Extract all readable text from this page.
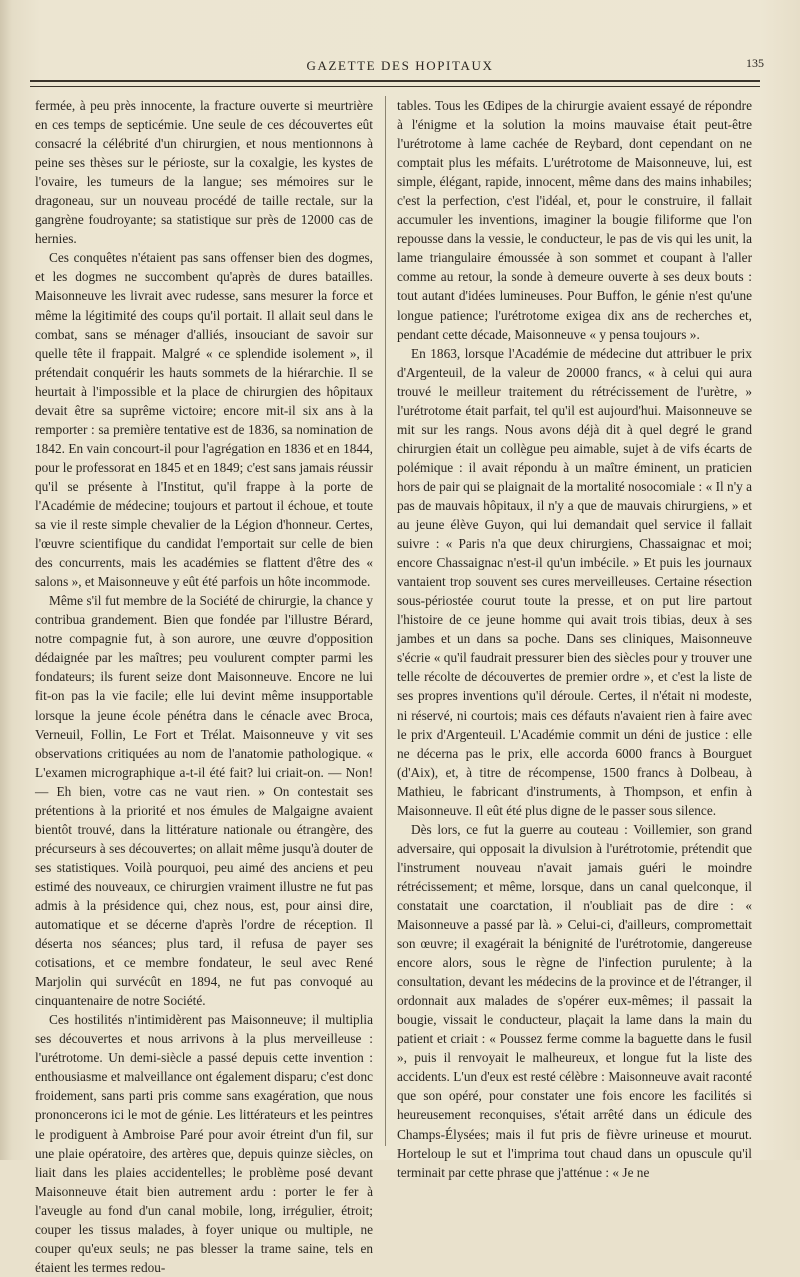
GAZETTE DES HOPITAUX	135

fermée, à peu près innocente, la fracture ouverte si meurtrière en ces temps de septicémie. Une seule de ces découvertes eût consacré la célébrité d'un chirurgien, et nous mentionnons à peine ses thèses sur le périoste, sur la coxalgie, les kystes de l'ovaire, les tumeurs de la langue; ses mémoires sur le dragoneau, sur un nouveau procédé de taille rectale, sur la gangrène foudroyante; sa statistique sur près de 12000 cas de hernies.

Ces conquêtes n'étaient pas sans offenser bien des dogmes, et les dogmes ne succombent qu'après de dures batailles. Maisonneuve les livrait avec rudesse, sans mesurer la force et même la légitimité des coups qu'il portait. Il allait seul dans le combat, sans se ménager d'alliés, insouciant de savoir sur quelle tête il frappait. Malgré « ce splendide isolement », il prétendait conquérir les hauts sommets de la hiérarchie. Il se heurtait à l'impossible et la place de chirurgien des hôpitaux devait être sa suprême victoire; encore mit-il six ans à la remporter : sa première tentative est de 1836, sa nomination de 1842. En vain concourt-il pour l'agrégation en 1836 et en 1844, pour le professorat en 1845 et en 1849; c'est sans jamais réussir qu'il se présente à l'Institut, qu'il frappe à la porte de l'Académie de médecine; toujours et partout il échoue, et toute sa vie il reste simple chevalier de la Légion d'honneur. Certes, l'œuvre scientifique du candidat l'emportait sur celle de bien des concurrents, mais les académies se flattent d'être des « salons », et Maisonneuve y eût été parfois un hôte incommode.

Même s'il fut membre de la Société de chirurgie, la chance y contribua grandement. Bien que fondée par l'illustre Bérard, notre compagnie fut, à son aurore, une œuvre d'opposition dédaignée par les maîtres; peu voulurent compter parmi les fondateurs; ils furent seize dont Maisonneuve. Encore ne lui fit-on pas la vie facile; elle lui devint même insupportable lorsque la jeune école pénétra dans le cénacle avec Broca, Verneuil, Follin, Le Fort et Trélat. Maisonneuve y vit ses observations critiquées au nom de l'anatomie pathologique. « L'examen micrographique a-t-il été fait? lui criait-on. — Non! — Eh bien, votre cas ne vaut rien. » On contestait ses prétentions à la priorité et nos émules de Malgaigne avaient bientôt trouvé, dans la littérature nationale ou étrangère, des précurseurs à ses découvertes; on allait même jusqu'à douter de ses statistiques. Voilà pourquoi, peu aimé des anciens et peu estimé des nouveaux, ce chirurgien vraiment illustre ne fut pas admis à la présidence qui, chez nous, est, pour ainsi dire, automatique et se décerne d'après l'ordre de réception. Il déserta nos séances; plus tard, il refusa de payer ses cotisations, et ce membre fondateur, le seul avec René Marjolin qui survécût en 1894, ne fut pas convoqué au cinquantenaire de notre Société.

Ces hostilités n'intimidèrent pas Maisonneuve; il multiplia ses découvertes et nous arrivons à la plus merveilleuse : l'urétrotome. Un demi-siècle a passé depuis cette invention : enthousiasme et malveillance ont également disparu; c'est donc froidement, sans parti pris comme sans exagération, que nous prononcerons ici le mot de génie. Les littérateurs et les peintres le prodiguent à Ambroise Paré pour avoir étreint d'un fil, sur une plaie opératoire, des artères que, depuis quinze siècles, on liait dans les plaies accidentelles; le problème posé devant Maisonneuve était bien autrement ardu : porter le fer à l'aveugle au fond d'un canal mobile, long, irrégulier, étroit; couper les tissus malades, à foyer unique ou multiple, ne couper qu'eux seuls; ne pas blesser la trame saine, tels en étaient les termes redou-

tables. Tous les Œdipes de la chirurgie avaient essayé de répondre à l'énigme et la solution la moins mauvaise était peut-être l'urétrotome à lame cachée de Reybard, dont cependant on ne comptait plus les méfaits. L'urétrotome de Maisonneuve, lui, est simple, élégant, rapide, innocent, même dans des mains inhabiles; c'est la perfection, c'est l'idéal, et, pour le construire, il fallait accumuler les inventions, imaginer la bougie filiforme que l'on repousse dans la vessie, le conducteur, le pas de vis qui les unit, la lame triangulaire émoussée à son sommet et coupant à l'aller comme au retour, la sonde à demeure ouverte à ses deux bouts : tout autant d'idées lumineuses. Pour Buffon, le génie n'est qu'une longue patience; l'urétrotome exigea dix ans de recherches et, pendant cette décade, Maisonneuve « y pensa toujours ».

En 1863, lorsque l'Académie de médecine dut attribuer le prix d'Argenteuil, de la valeur de 20000 francs, « à celui qui aura trouvé le meilleur traitement du rétrécissement de l'urètre, » l'urétrotome était parfait, tel qu'il est aujourd'hui. Maisonneuve se mit sur les rangs. Nous avons déjà dit à quel degré le grand chirurgien était un collègue peu aimable, sujet à de vifs écarts de polémique : il avait répondu à un maître éminent, un praticien hors de pair qui se plaignait de la mortalité nosocomiale : « Il n'y a pas de mauvais hôpitaux, il n'y a que de mauvais chirurgiens, » et au jeune élève Guyon, qui lui demandait quel service il fallait suivre : « Paris n'a que deux chirurgiens, Chassaignac et moi; encore Chassaignac n'est-il qu'un imbécile. » Et puis les journaux vantaient trop souvent ses cures merveilleuses. Certaine résection sous-périostée courut toute la presse, et on put lire partout l'histoire de ce jeune homme qui avait trois tibias, deux à ses jambes et un dans sa poche. Dans ses cliniques, Maisonneuve s'écrie « qu'il faudrait pressurer bien des siècles pour y trouver une telle récolte de découvertes de premier ordre », et c'est la liste de ses propres inventions qu'il déroule. Certes, il n'était ni modeste, ni réservé, ni courtois; mais ces défauts n'avaient rien à faire avec le prix d'Argenteuil. L'Académie commit un déni de justice : elle ne décerna pas le prix, elle accorda 6000 francs à Bourguet (d'Aix), et, à titre de récompense, 1500 francs à Dolbeau, à Mathieu, le fabricant d'instruments, à Thompson, et enfin à Maisonneuve. Il eût été plus digne de le passer sous silence.

Dès lors, ce fut la guerre au couteau : Voillemier, son grand adversaire, qui opposait la divulsion à l'urétrotomie, prétendit que l'instrument nouveau n'avait jamais guéri le moindre rétrécissement; et même, lorsque, dans un canal quelconque, il constatait une coarctation, il n'oubliait pas de dire : « Maisonneuve a passé par là. » Celui-ci, d'ailleurs, compromettait son œuvre; il exagérait la bénignité de l'urétrotomie, dangereuse encore alors, sous le règne de l'infection purulente; à la consultation, devant les médecins de la province et de l'étranger, il ordonnait aux malades de s'opérer eux-mêmes; il passait la bougie, vissait le conducteur, plaçait la lame dans la main du patient et criait : « Poussez ferme comme la baguette dans le fusil », puis il renvoyait le malheureux, et longue fut la liste des accidents. L'un d'eux est resté célèbre : Maisonneuve avait raconté que son opéré, pour constater une fois encore les facilités si heureusement reconquises, s'était arrêté dans un édicule des Champs-Élysées; mais il fut pris de fièvre urineuse et mourut. Horteloup le sut et l'imprima tout chaud dans un opuscule qu'il terminait par cette phrase que j'atténue : « Je ne
